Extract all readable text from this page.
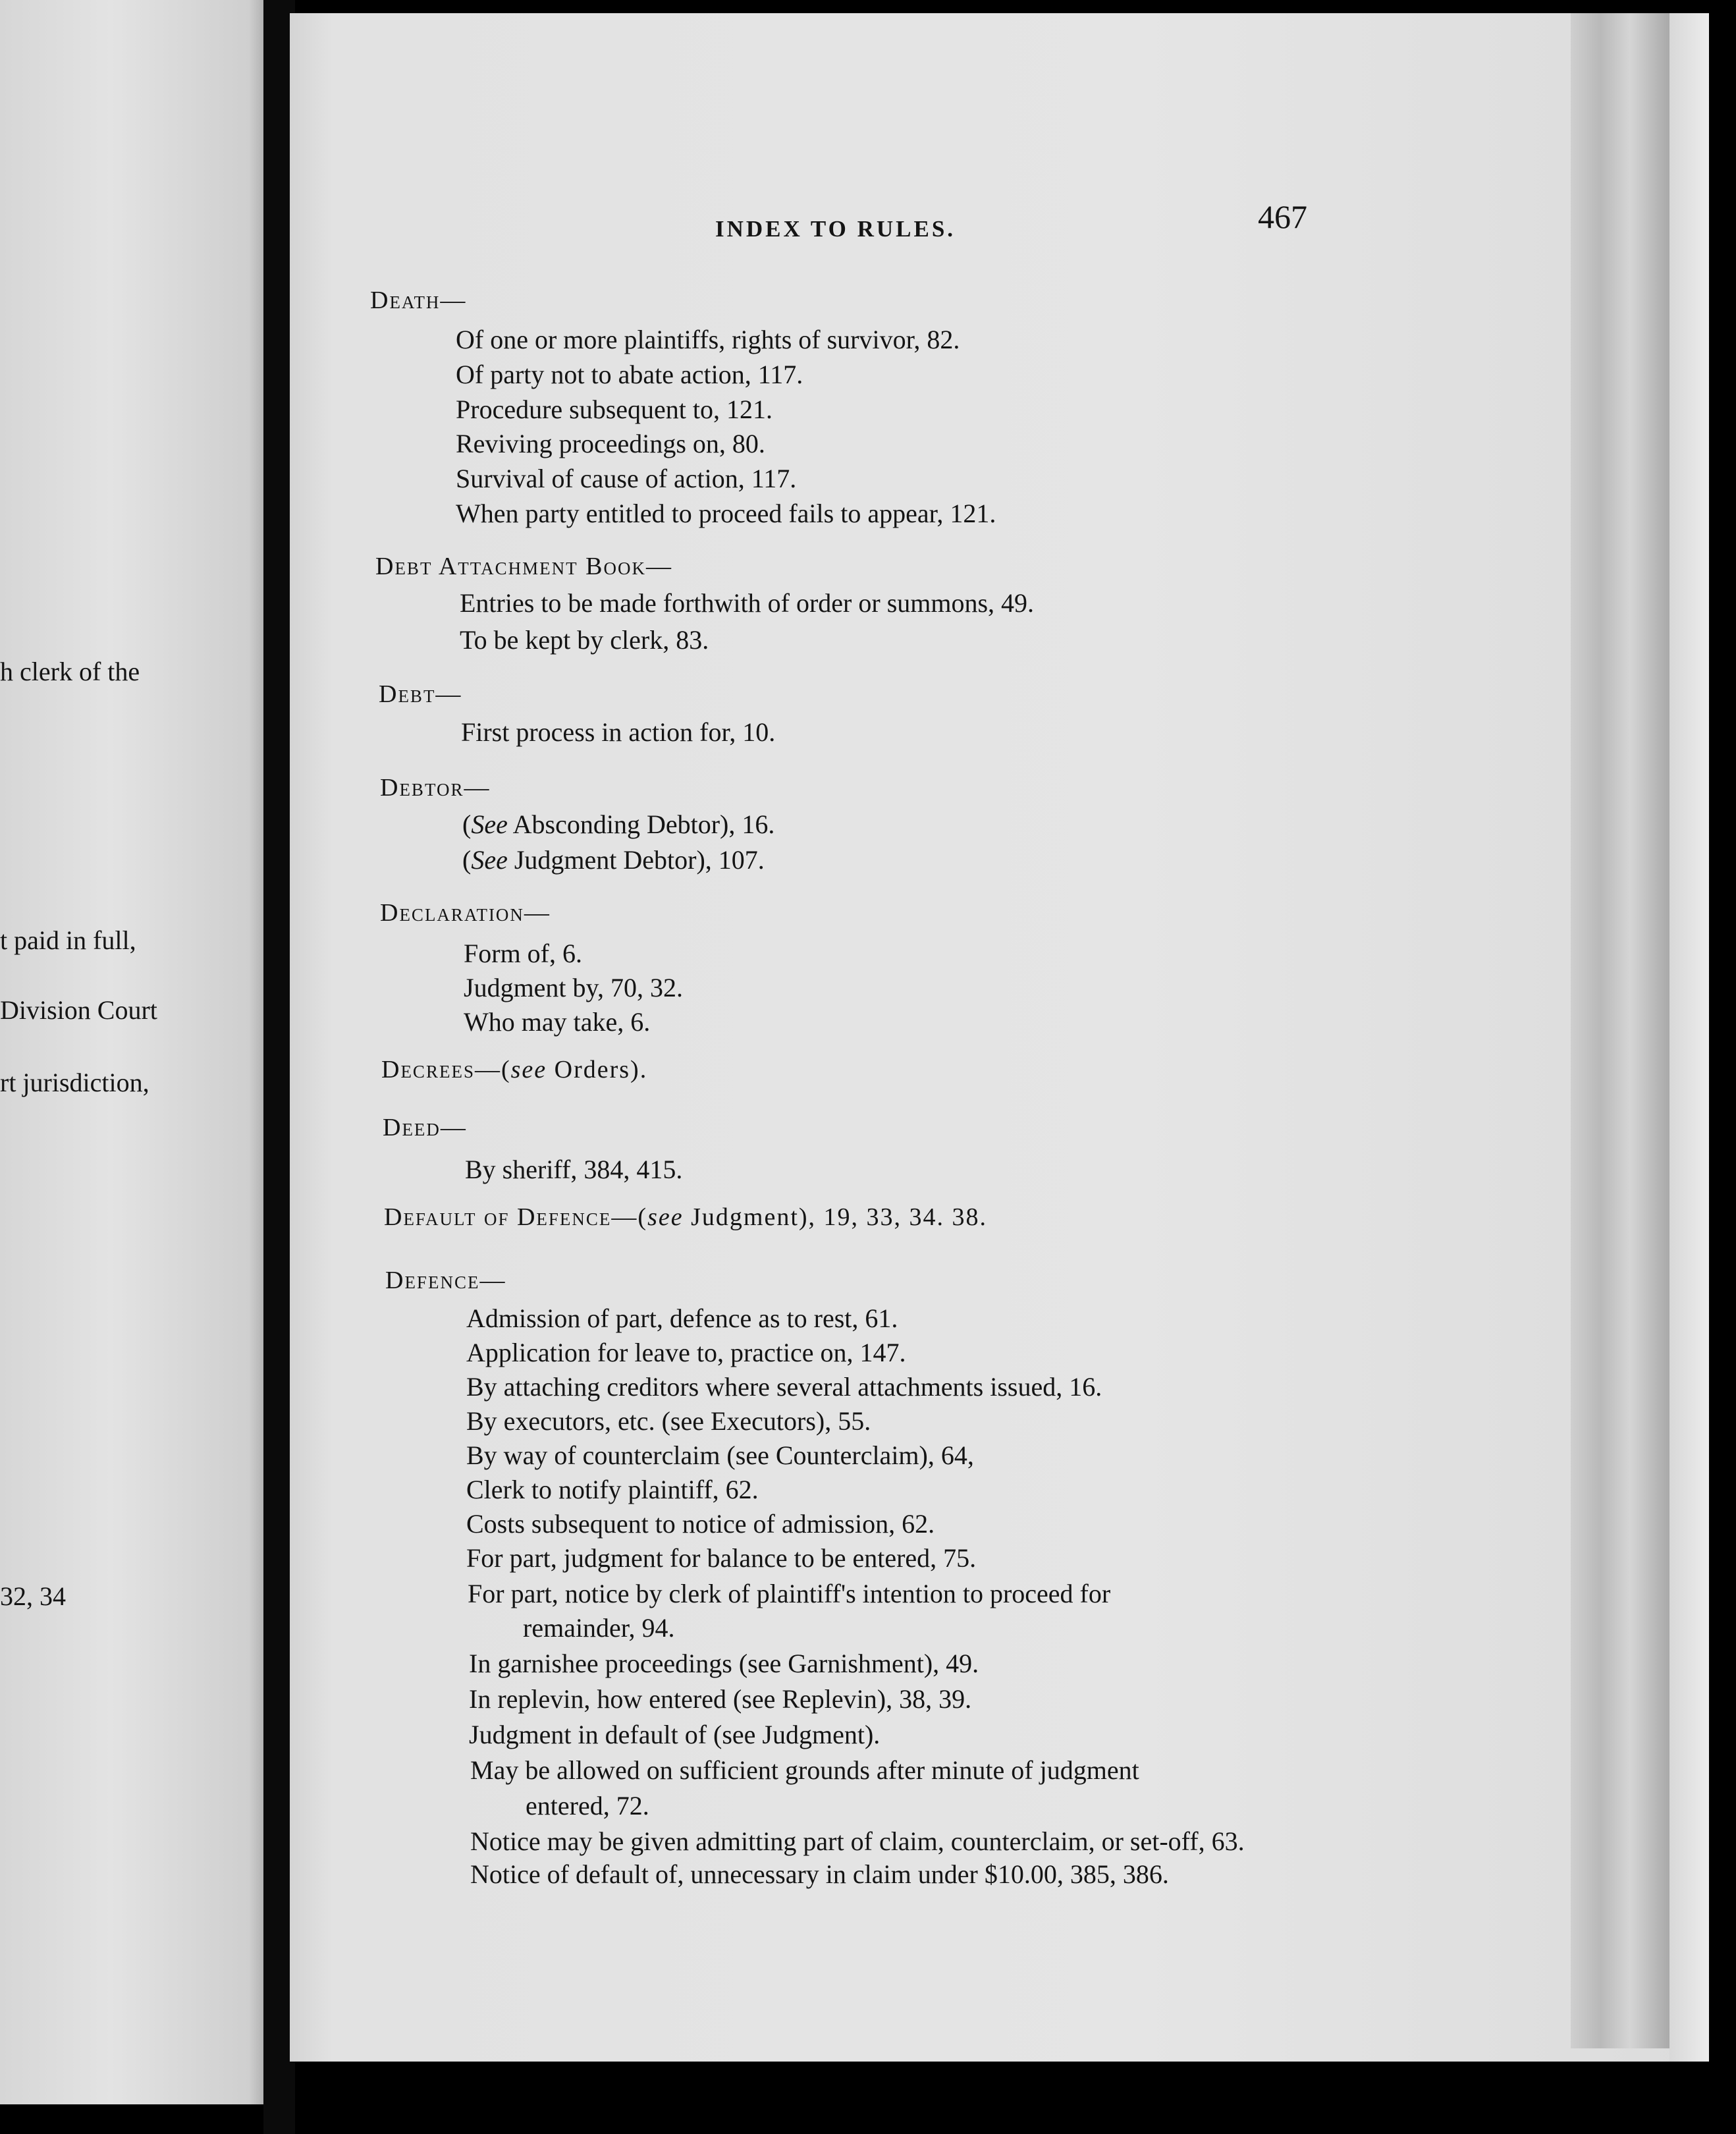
h clerk of the
t paid in full,
Division Court
rt jurisdiction,
32, 34
INDEX TO RULES.	467
Death—
Of one or more plaintiffs, rights of survivor, 82.
Of party not to abate action, 117.
Procedure subsequent to, 121.
Reviving proceedings on, 80.
Survival of cause of action, 117.
When party entitled to proceed fails to appear, 121.
Debt Attachment Book—
Entries to be made forthwith of order or summons, 49.
To be kept by clerk, 83.
Debt—
First process in action for, 10.
Debtor—
(See Absconding Debtor), 16.
(See Judgment Debtor), 107.
Declaration—
Form of, 6.
Judgment by, 70, 32.
Who may take, 6.
Decrees—(see Orders).
Deed—
By sheriff, 384, 415.
Default of Defence—(see Judgment), 19, 33, 34. 38.
Defence—
Admission of part, defence as to rest, 61.
Application for leave to, practice on, 147.
By attaching creditors where several attachments issued, 16.
By executors, etc. (see Executors), 55.
By way of counterclaim (see Counterclaim), 64,
Clerk to notify plaintiff, 62.
Costs subsequent to notice of admission, 62.
For part, judgment for balance to be entered, 75.
For part, notice by clerk of plaintiff's intention to proceed for
remainder, 94.
In garnishee proceedings (see Garnishment), 49.
In replevin, how entered (see Replevin), 38, 39.
Judgment in default of (see Judgment).
May be allowed on sufficient grounds after minute of judgment
entered, 72.
Notice may be given admitting part of claim, counterclaim, or set-off, 63.
Notice of default of, unnecessary in claim under $10.00, 385, 386.
